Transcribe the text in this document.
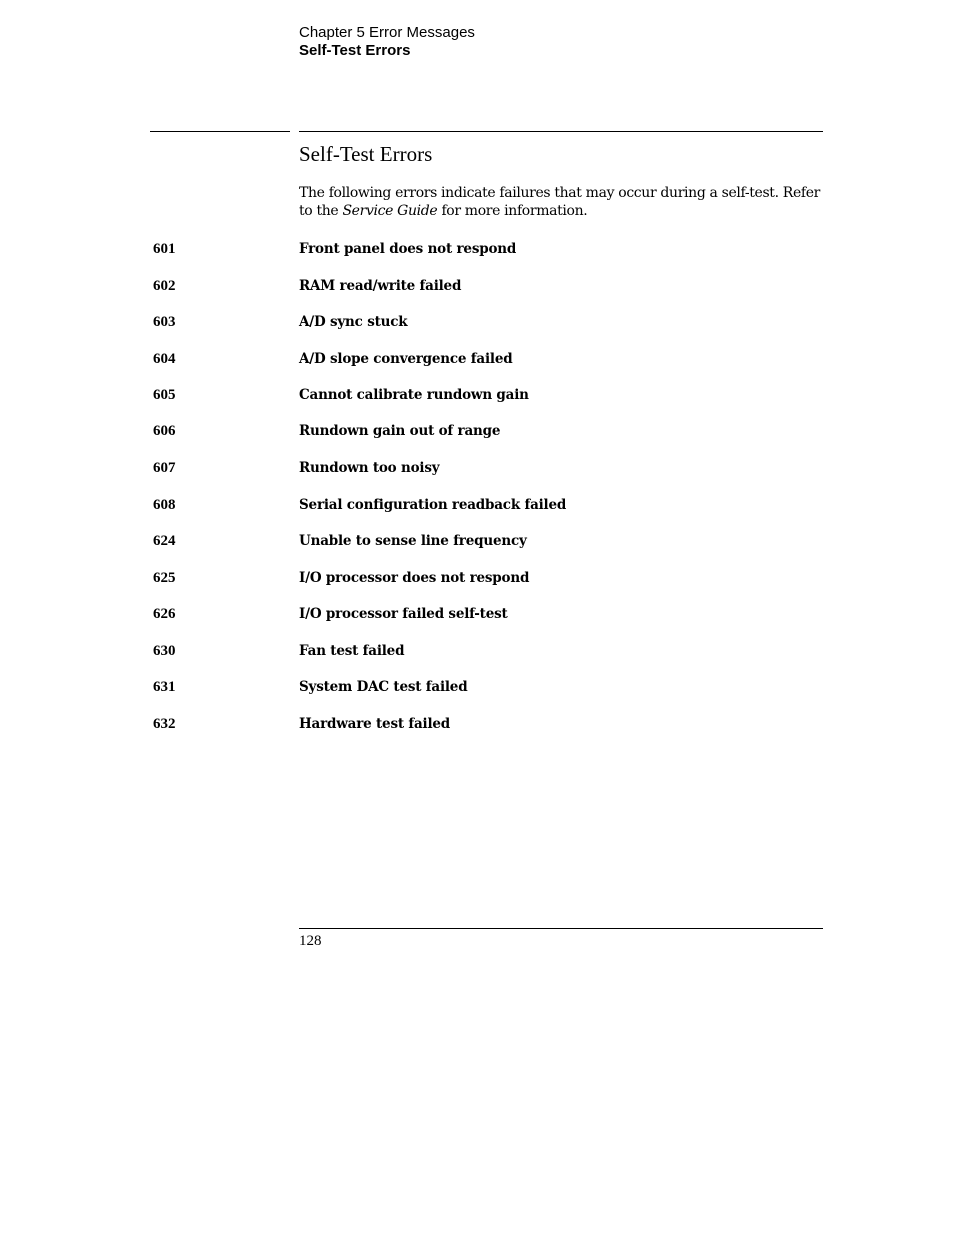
Chapter 5 Error Messages
Self-Test Errors
Self-Test Errors
The following errors indicate failures that may occur during a self-test. Refer to the Service Guide for more information.
601	Front panel does not respond
602	RAM read/write failed
603	A/D sync stuck
604	A/D slope convergence failed
605	Cannot calibrate rundown gain
606	Rundown gain out of range
607	Rundown too noisy
608	Serial configuration readback failed
624	Unable to sense line frequency
625	I/O processor does not respond
626	I/O processor failed self-test
630	Fan test failed
631	System DAC test failed
632	Hardware test failed
128
